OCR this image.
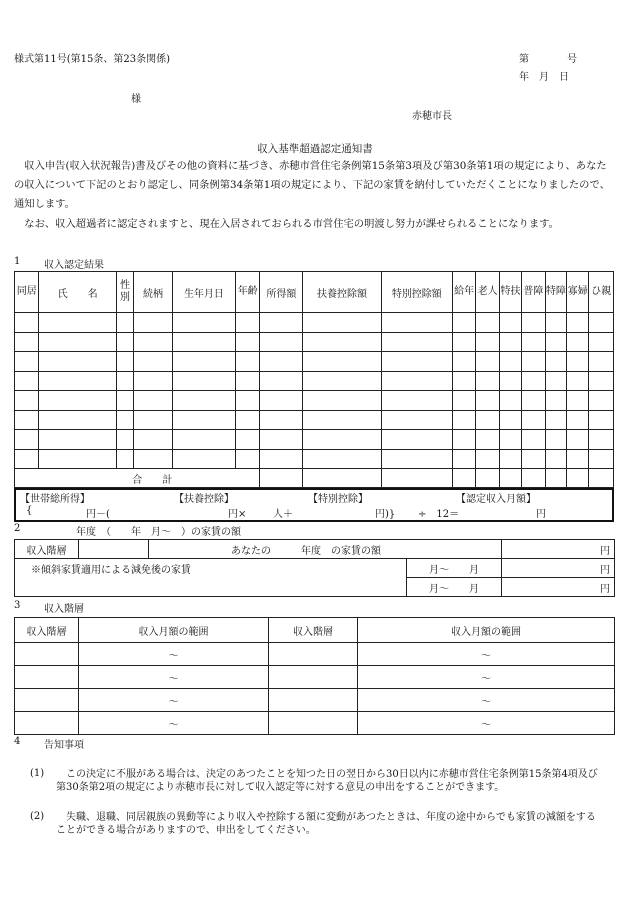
様式第11号(第15条、第23条関係)	第	号
年　月　日
様
赤穂市長
収入基準超過認定通知書
収入申告(収入状況報告)書及びその他の資料に基づき、赤穂市営住宅条例第15条第3項及び第30条第1項の規定により、あなたの収入について下記のとおり認定し、同条例第34条第1項の規定により、下記の家賃を納付していただくことになりましたので、通知します。
なお、収入超過者に認定されますと、現在入居されておられる市営住宅の明渡し努力が課せられることになります。
1 収入認定結果
同居	氏　　名	性別	続柄	生年月日	年齢	所得額	扶養控除額	特別控除額	給年	老人	特扶	普障	特障	寡婦	ひ親

合　　計															
【世帯総所得】	【扶養控除】	【特別控除】	【認定収入月額】
{	円－(	円×	人＋	円)} ÷　12＝	円
2	年度　（　　年　月～　）の家賃の額
収入階層		あなたの　　　年度　の家賃の額		円
※傾斜家賃適用による減免後の家賃			月～　　月	円
			月～　　月	円
3 収入階層
収入階層	収入月額の範囲	収入階層	収入月額の範囲
	～		～
	～		～
	～		～
	～		～
4 告知事項
(1)	この決定に不服がある場合は、決定のあつたことを知つた日の翌日から30日以内に赤穂市営住宅条例第15条第4項及び第30条第2項の規定により赤穂市長に対して収入認定等に対する意見の申出をすることができます。
(2)	失職、退職、同居親族の異動等により収入や控除する額に変動があつたときは、年度の途中からでも家賃の減額をすることができる場合がありますので、申出をしてください。
